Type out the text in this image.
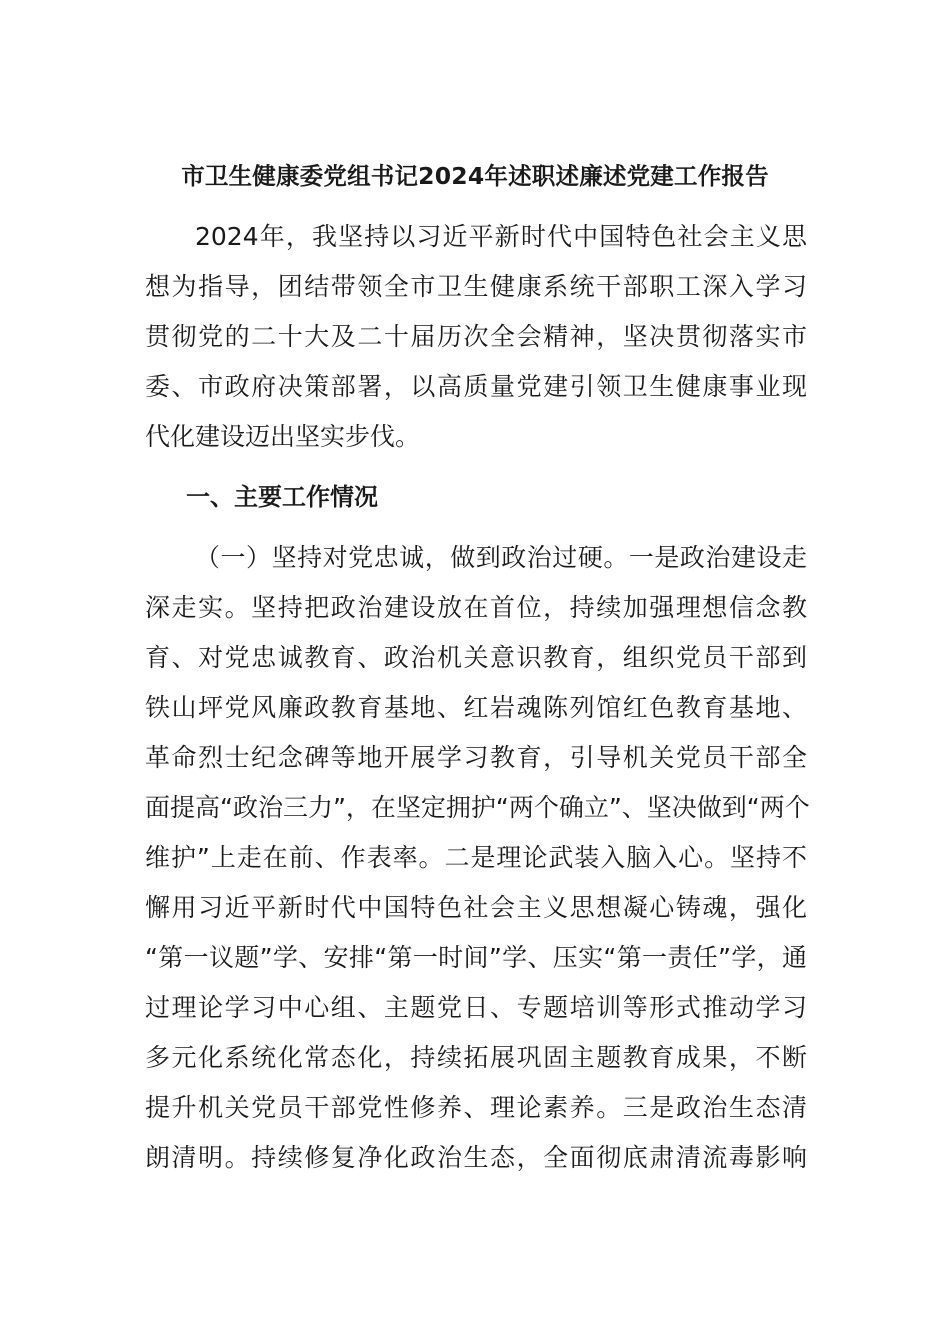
市卫生健康委党组书记2024年述职述廉述党建工作报告
2024年，我坚持以习近平新时代中国特色社会主义思
想为指导，团结带领全市卫生健康系统干部职工深入学习
贯彻党的二十大及二十届历次全会精神，坚决贯彻落实市
委、市政府决策部署，以高质量党建引领卫生健康事业现
代化建设迈出坚实步伐。
一、主要工作情况
（一）坚持对党忠诚，做到政治过硬。一是政治建设走
深走实。坚持把政治建设放在首位，持续加强理想信念教
育、对党忠诚教育、政治机关意识教育，组织党员干部到
铁山坪党风廉政教育基地、红岩魂陈列馆红色教育基地、
革命烈士纪念碑等地开展学习教育，引导机关党员干部全
面提高“政治三力”，在坚定拥护“两个确立”、坚决做到“两个
维护”上走在前、作表率。二是理论武装入脑入心。坚持不
懈用习近平新时代中国特色社会主义思想凝心铸魂，强化
“第一议题”学、安排“第一时间”学、压实“第一责任”学，通
过理论学习中心组、主题党日、专题培训等形式推动学习
多元化系统化常态化，持续拓展巩固主题教育成果，不断
提升机关党员干部党性修养、理论素养。三是政治生态清
朗清明。持续修复净化政治生态，全面彻底肃清流毒影响
